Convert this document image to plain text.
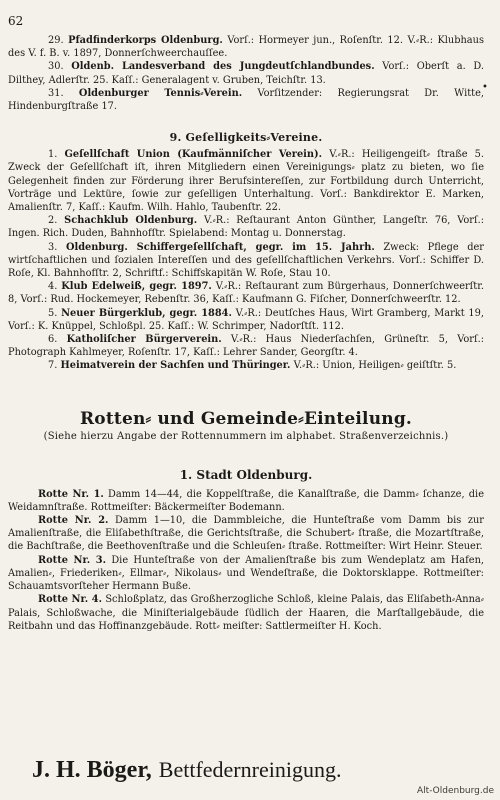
62
•

29. Pfadfinderkorps Oldenburg. Vorſ.: Hormeyer jun., Roſenſtr. 12. V.⸗R.: Klubhaus des V. f. B. v. 1897, Donnerſchweerchauſſee.

30. Oldenb. Landesverband des Jungdeutſchlandbundes. Vorſ.: Oberſt a. D. Dilthey, Adlerſtr. 25. Kaſſ.: Generalagent v. Gruben, Teichſtr. 13.

31. Oldenburger Tennis⸗Verein. Vorſitzender: Regierungsrat Dr. Witte, Hindenburgſtraße 17.

9. Geſelligkeits⸗Vereine.

1. Geſellſchaft Union (Kaufmänniſcher Verein). V.⸗R.: Heiligengeiſt⸗ ſtraße 5. Zweck der Geſellſchaft iſt, ihren Mitgliedern einen Vereinigungs⸗ platz zu bieten, wo ſie Gelegenheit finden zur Förderung ihrer Berufsintereſſen, zur Fortbildung durch Unterricht, Vorträge und Lektüre, ſowie zur geſelligen Unterhaltung. Vorſ.: Bankdirektor E. Marken, Amalienſtr. 7, Kaſſ.: Kaufm. Wilh. Hahlo, Taubenſtr. 22.

2. Schachklub Oldenburg. V.⸗R.: Reſtaurant Anton Günther, Langeſtr. 76, Vorſ.: Ingen. Rich. Duden, Bahnhofſtr. Spielabend: Montag u. Donnerstag.

3. Oldenburg. Schiffergeſellſchaft, gegr. im 15. Jahrh. Zweck: Pflege der wirtſchaftlichen und ſozialen Intereſſen und des geſellſchaftlichen Verkehrs. Vorſ.: Schiffer D. Roſe, Kl. Bahnhofſtr. 2, Schriftf.: Schiffskapitän W. Roſe, Stau 10.

4. Klub Edelweiß, gegr. 1897. V.⸗R.: Reſtaurant zum Bürgerhaus, Donnerſchweerſtr. 8, Vorſ.: Rud. Hockemeyer, Rebenſtr. 36, Kaſſ.: Kaufmann G. Fiſcher, Donnerſchweerſtr. 12.

5. Neuer Bürgerklub, gegr. 1884. V.⸗R.: Deutſches Haus, Wirt Gramberg, Markt 19, Vorſ.: K. Knüppel, Schloßpl. 25. Kaſſ.: W. Schrimper, Nadorſtſt. 112.

6. Katholiſcher Bürgerverein. V.⸗R.: Haus Niederſachſen, Grüneſtr. 5, Vorſ.: Photograph Kahlmeyer, Roſenſtr. 17, Kaſſ.: Lehrer Sander, Georgſtr. 4.

7. Heimatverein der Sachſen und Thüringer. V.⸗R.: Union, Heiligen⸗ geiſtſtr. 5.

Rotten⸗ und Gemeinde⸗Einteilung.
(Siehe hierzu Angabe der Rottennummern im alphabet. Straßenverzeichnis.)
1. Stadt Oldenburg.

Rotte Nr. 1. Damm 14—44, die Koppelſtraße, die Kanalſtraße, die Damm⸗ ſchanze, die Weidamnſtraße. Rottmeiſter: Bäckermeiſter Bodemann.

Rotte Nr. 2. Damm 1—10, die Dammbleiche, die Hunteſtraße vom Damm bis zur Amalienſtraße, die Eliſabethſtraße, die Gerichtsſtraße, die Schubert⸗ ſtraße, die Mozartſtraße, die Bachſtraße, die Beethovenſtraße und die Schleuſen⸗ ſtraße. Rottmeiſter: Wirt Heinr. Steuer.

Rotte Nr. 3. Die Hunteſtraße von der Amalienſtraße bis zum Wendeplatz am Hafen, Amalien⸗, Friederiken⸗, Ellmar⸗, Nikolaus⸗ und Wendeſtraße, die Doktorsklappe. Rottmeiſter: Schauamtsvorſteher Hermann Buße.

Rotte Nr. 4. Schloßplatz, das Großherzogliche Schloß, kleine Palais, das Eliſabeth⸗Anna⸗Palais, Schloßwache, die Miniſterialgebäude ſüdlich der Haaren, die Marſtallgebäude, die Reitbahn und das Hoffinanzgebäude. Rott⸗ meiſter: Sattlermeiſter H. Koch.

J. H. Böger, Bettfedernreinigung.
Alt-Oldenburg.de
